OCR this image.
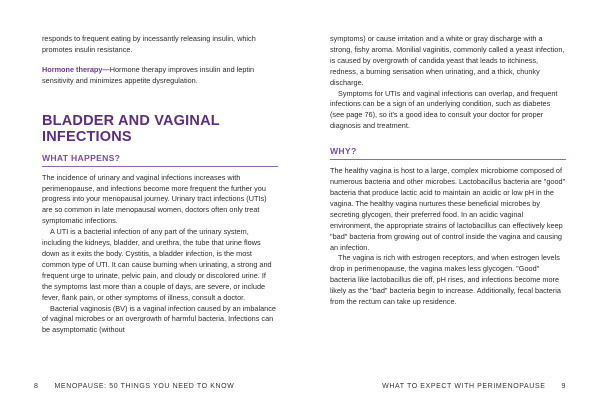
responds to frequent eating by incessantly releasing insulin, which promotes insulin resistance.

Hormone therapy—Hormone therapy improves insulin and leptin sensitivity and minimizes appetite dysregulation.

BLADDER AND VAGINAL INFECTIONS
WHAT HAPPENS?

The incidence of urinary and vaginal infections increases with perimenopause, and infections become more frequent the further you progress into your menopausal journey. Urinary tract infections (UTIs) are so common in late menopausal women, doctors often only treat symptomatic infections.

A UTI is a bacterial infection of any part of the urinary system, including the kidneys, bladder, and urethra, the tube that urine flows down as it exits the body. Cystitis, a bladder infection, is the most common type of UTI. It can cause burning when urinating, a strong and frequent urge to urinate, pelvic pain, and cloudy or discolored urine. If the symptoms last more than a couple of days, are severe, or include fever, flank pain, or other symptoms of illness, consult a doctor.

Bacterial vaginosis (BV) is a vaginal infection caused by an imbalance of vaginal microbes or an overgrowth of harmful bacteria. Infections can be asymptomatic (without

symptoms) or cause irritation and a white or gray discharge with a strong, fishy aroma. Monilial vaginitis, commonly called a yeast infection, is caused by overgrowth of candida yeast that leads to itchiness, redness, a burning sensation when urinating, and a thick, chunky discharge.

Symptoms for UTIs and vaginal infections can overlap, and frequent infections can be a sign of an underlying condition, such as diabetes (see page 76), so it's a good idea to consult your doctor for proper diagnosis and treatment.

WHY?

The healthy vagina is host to a large, complex microbiome composed of numerous bacteria and other microbes. Lactobacillus bacteria are "good" bacteria that produce lactic acid to maintain an acidic or low pH in the vagina. The healthy vagina nurtures these beneficial microbes by secreting glycogen, their preferred food. In an acidic vaginal environment, the appropriate strains of lactobacillus can effectively keep "bad" bacteria from growing out of control inside the vagina and causing an infection.

The vagina is rich with estrogen receptors, and when estrogen levels drop in perimenopause, the vagina makes less glycogen. "Good" bacteria like lactobacillus die off, pH rises, and infections become more likely as the "bad" bacteria begin to increase. Additionally, fecal bacteria from the rectum can take up residence.

8 MENOPAUSE: 50 THINGS YOU NEED TO KNOW	WHAT TO EXPECT WITH PERIMENOPAUSE 9
